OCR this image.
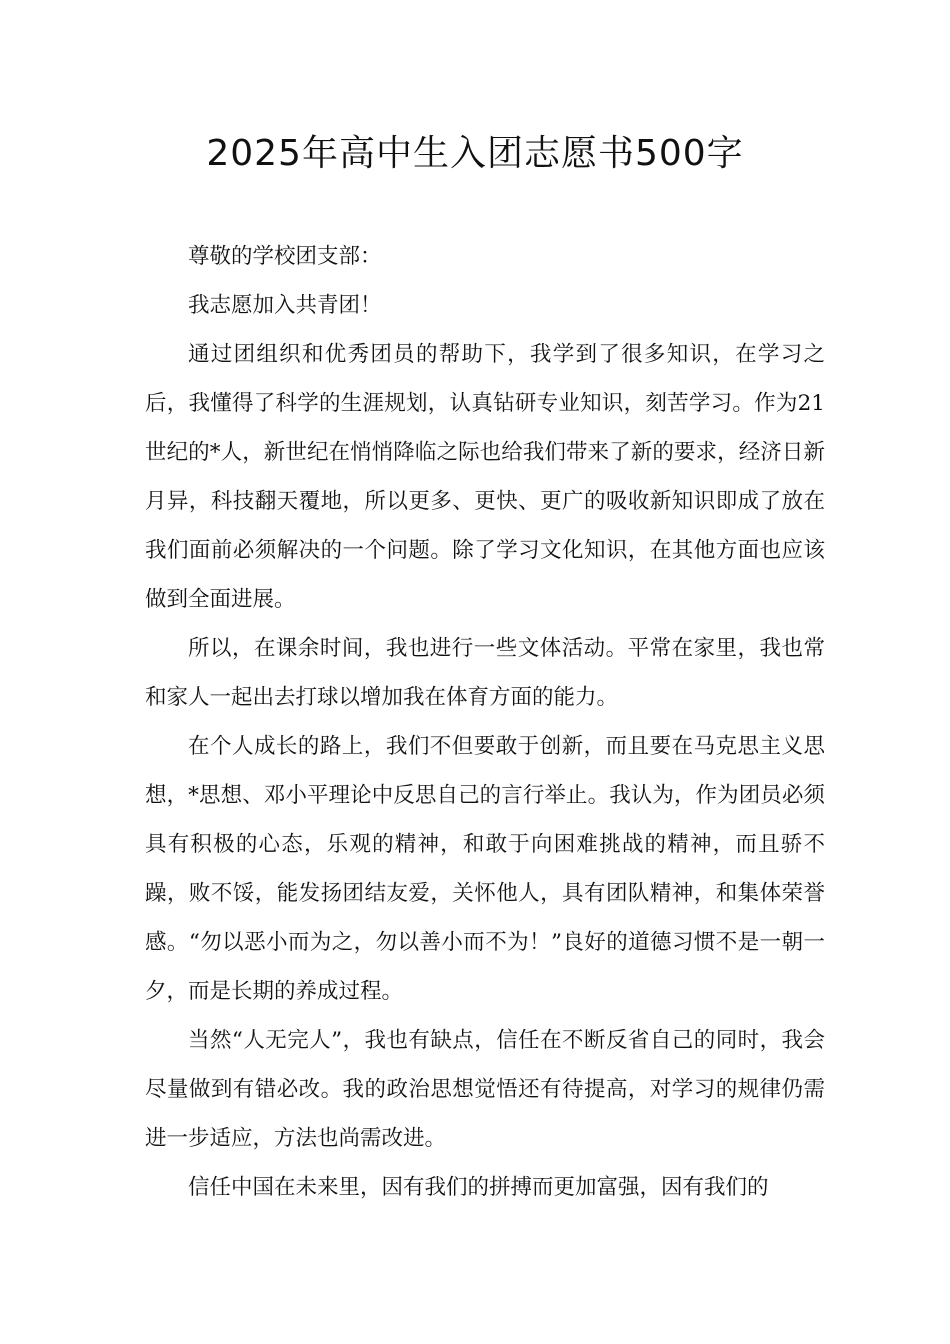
2025年高中生入团志愿书500字

尊敬的学校团支部：

我志愿加入共青团！

通过团组织和优秀团员的帮助下，我学到了很多知识，在学习之后，我懂得了科学的生涯规划，认真钻研专业知识，刻苦学习。作为21世纪的*人，新世纪在悄悄降临之际也给我们带来了新的要求，经济日新月异，科技翻天覆地，所以更多、更快、更广的吸收新知识即成了放在我们面前必须解决的一个问题。除了学习文化知识，在其他方面也应该做到全面进展。

所以，在课余时间，我也进行一些文体活动。平常在家里，我也常和家人一起出去打球以增加我在体育方面的能力。

在个人成长的路上，我们不但要敢于创新，而且要在马克思主义思想，*思想、邓小平理论中反思自己的言行举止。我认为，作为团员必须具有积极的心态，乐观的精神，和敢于向困难挑战的精神，而且骄不躁，败不馁，能发扬团结友爱，关怀他人，具有团队精神，和集体荣誉感。“勿以恶小而为之，勿以善小而不为！”良好的道德习惯不是一朝一夕，而是长期的养成过程。

当然“人无完人”，我也有缺点，信任在不断反省自己的同时，我会尽量做到有错必改。我的政治思想觉悟还有待提高，对学习的规律仍需进一步适应，方法也尚需改进。

信任中国在未来里，因有我们的拼搏而更加富强，因有我们的
